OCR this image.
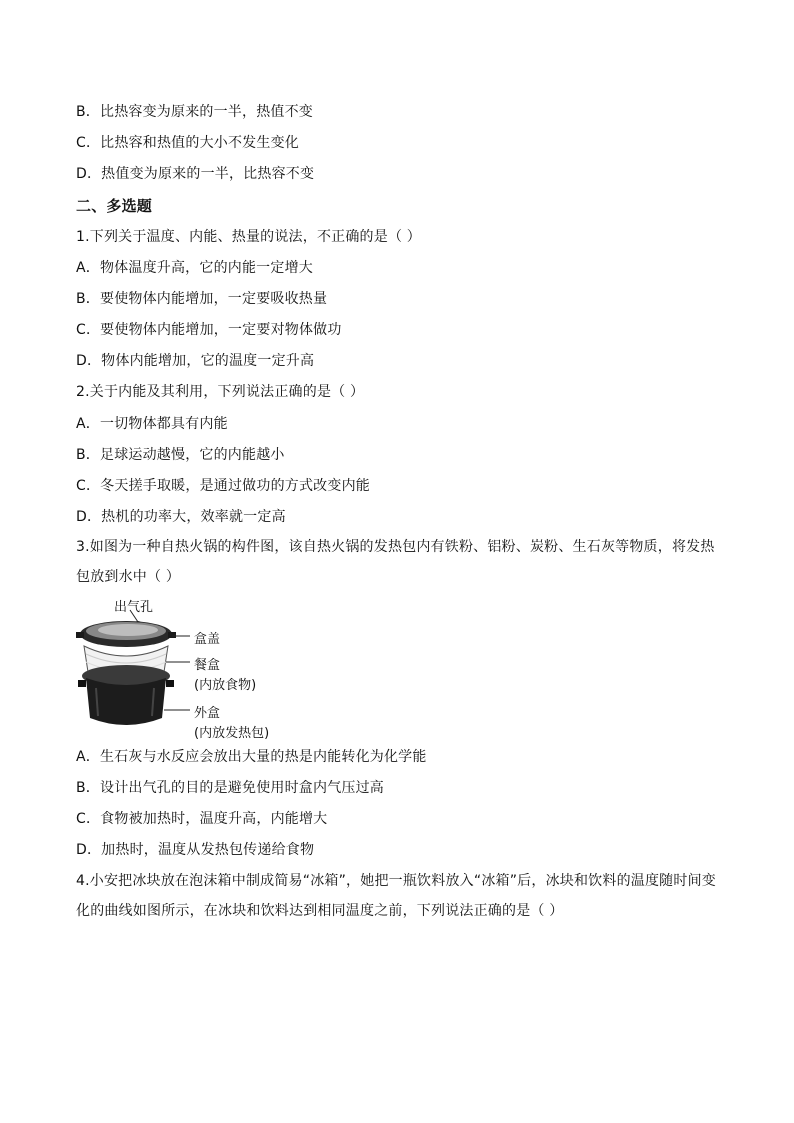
B．比热容变为原来的一半，热值不变
C．比热容和热值的大小不发生变化
D．热值变为原来的一半，比热容不变
二、多选题
1.下列关于温度、内能、热量的说法，不正确的是（ ）
A．物体温度升高，它的内能一定增大
B．要使物体内能增加，一定要吸收热量
C．要使物体内能增加，一定要对物体做功
D．物体内能增加，它的温度一定升高
2.关于内能及其利用，下列说法正确的是（ ）
A．一切物体都具有内能
B．足球运动越慢，它的内能越小
C．冬天搓手取暖，是通过做功的方式改变内能
D．热机的功率大，效率就一定高
3.如图为一种自热火锅的构件图，该自热火锅的发热包内有铁粉、铝粉、炭粉、生石灰等物质，将发热包放到水中（ ）
出气孔
盒盖
餐盒
(内放食物)
外盒
(内放发热包)
A．生石灰与水反应会放出大量的热是内能转化为化学能
B．设计出气孔的目的是避免使用时盒内气压过高
C．食物被加热时，温度升高，内能增大
D．加热时，温度从发热包传递给食物
4.小安把冰块放在泡沫箱中制成简易“冰箱”，她把一瓶饮料放入“冰箱”后，冰块和饮料的温度随时间变化的曲线如图所示，在冰块和饮料达到相同温度之前，下列说法正确的是（ ）
